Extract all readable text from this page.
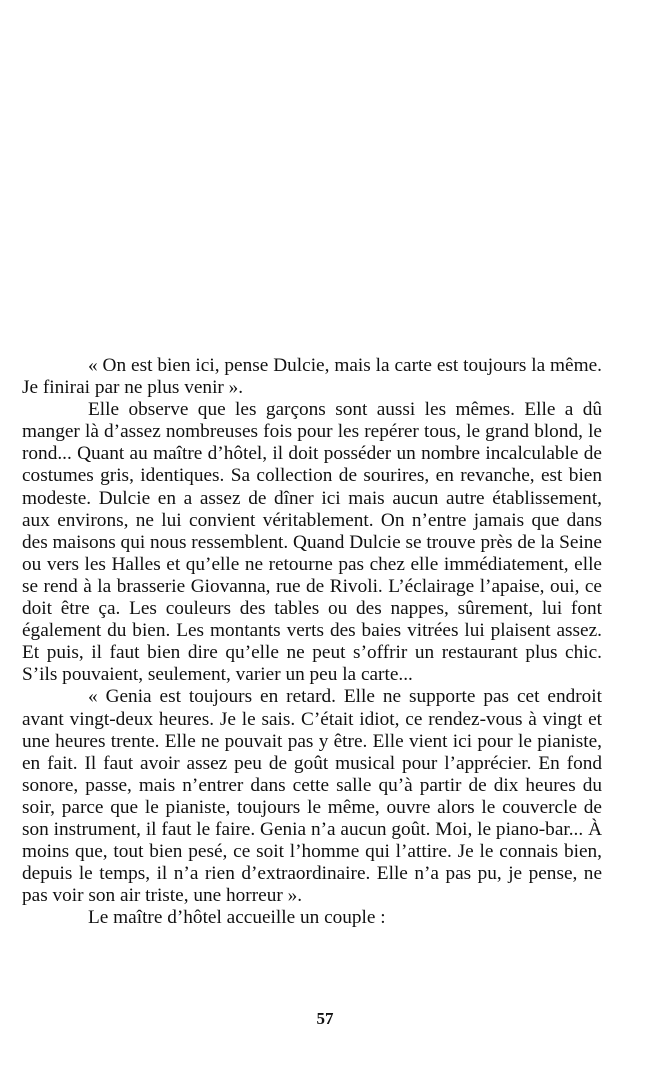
« On est bien ici, pense Dulcie, mais la carte est toujours la même. Je finirai par ne plus venir ».

Elle observe que les garçons sont aussi les mêmes. Elle a dû manger là d’assez nombreuses fois pour les repérer tous, le grand blond, le rond... Quant au maître d’hôtel, il doit posséder un nombre incalculable de costumes gris, identiques. Sa collection de sourires, en revanche, est bien modeste. Dulcie en a assez de dîner ici mais aucun autre établissement, aux environs, ne lui convient véritablement. On n’entre jamais que dans des maisons qui nous ressemblent. Quand Dulcie se trouve près de la Seine ou vers les Halles et qu’elle ne retourne pas chez elle immédiatement, elle se rend à la brasserie Giovanna, rue de Rivoli. L’éclairage l’apaise, oui, ce doit être ça. Les couleurs des tables ou des nappes, sûrement, lui font également du bien. Les montants verts des baies vitrées lui plaisent assez. Et puis, il faut bien dire qu’elle ne peut s’offrir un restaurant plus chic. S’ils pouvaient, seulement, varier un peu la carte...

« Genia est toujours en retard. Elle ne supporte pas cet endroit avant vingt-deux heures. Je le sais. C’était idiot, ce rendez-vous à vingt et une heures trente. Elle ne pouvait pas y être. Elle vient ici pour le pianiste, en fait. Il faut avoir assez peu de goût musical pour l’apprécier. En fond sonore, passe, mais n’entrer dans cette salle qu’à partir de dix heures du soir, parce que le pianiste, toujours le même, ouvre alors le couvercle de son instrument, il faut le faire. Genia n’a aucun goût. Moi, le piano-bar... À moins que, tout bien pesé, ce soit l’homme qui l’attire. Je le connais bien, depuis le temps, il n’a rien d’extraordinaire. Elle n’a pas pu, je pense, ne pas voir son air triste, une horreur ».

Le maître d’hôtel accueille un couple :

57
